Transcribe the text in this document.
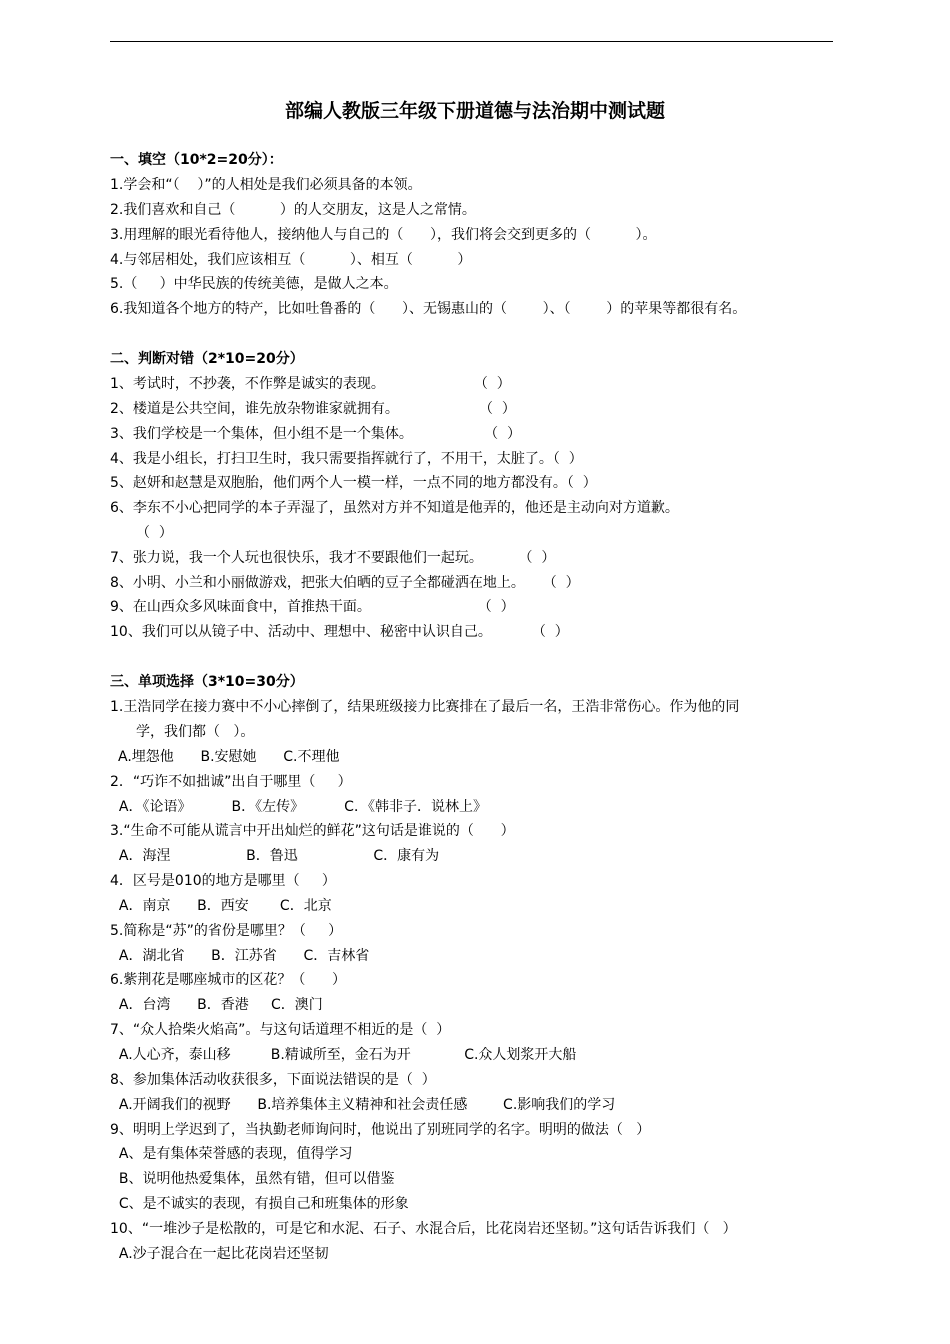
部编人教版三年级下册道德与法治期中测试题
一、填空（10*2=20分）：
1.学会和“（    ）”的人相处是我们必须具备的本领。
2.我们喜欢和自己（          ）的人交朋友，这是人之常情。
3.用理解的眼光看待他人，接纳他人与自己的（      ），我们将会交到更多的（          ）。
4.与邻居相处，我们应该相互（          ）、相互（          ）
5.（     ）中华民族的传统美德，是做人之本。
6.我知道各个地方的特产，比如吐鲁番的（      ）、无锡惠山的（        ）、（        ）的苹果等都很有名。
二、判断对错（2*10=20分）
1、考试时，不抄袭，不作弊是诚实的表现。                    （  ）
2、楼道是公共空间，谁先放杂物谁家就拥有。                  （  ）
3、我们学校是一个集体，但小组不是一个集体。                （  ）
4、我是小组长，打扫卫生时，我只需要指挥就行了，不用干，太脏了。（  ）
5、赵妍和赵慧是双胞胎，他们两个人一模一样，一点不同的地方都没有。（  ）
6、李东不小心把同学的本子弄湿了，虽然对方并不知道是他弄的，他还是主动向对方道歉。
（  ）
7、张力说，我一个人玩也很快乐，我才不要跟他们一起玩。        （  ）
8、小明、小兰和小丽做游戏，把张大伯晒的豆子全都碰洒在地上。    （  ）
9、在山西众多风味面食中，首推热干面。                        （  ）
10、我们可以从镜子中、活动中、理想中、秘密中认识自己。         （  ）
三、单项选择（3*10=30分）
1.王浩同学在接力赛中不小心摔倒了，结果班级接力比赛排在了最后一名，王浩非常伤心。作为他的同
学，我们都（   ）。
A.埋怨他      B.安慰她      C.不理他
2．“巧诈不如拙诚”出自于哪里（     ）
A．《论语》         B．《左传》         C．《韩非子．说林上》
3.“生命不可能从谎言中开出灿烂的鲜花”这句话是谁说的（      ）
A．海涅                 B．鲁迅                 C．康有为
4．区号是010的地方是哪里（     ）
A．南京      B．西安       C．北京
5.简称是“苏”的省份是哪里？（     ）
A．湖北省      B．江苏省      C．吉林省
6.紫荆花是哪座城市的区花？（      ）
A．台湾      B．香港     C．澳门
7、“众人拾柴火焰高”。与这句话道理不相近的是（  ）
A.人心齐，泰山移         B.精诚所至，金石为开            C.众人划浆开大船
8、参加集体活动收获很多，下面说法错误的是（  ）
A.开阔我们的视野      B.培养集体主义精神和社会责任感        C.影响我们的学习
9、明明上学迟到了，当执勤老师询问时，他说出了别班同学的名字。明明的做法（   ）
A、是有集体荣誉感的表现，值得学习
B、说明他热爱集体，虽然有错，但可以借鉴
C、是不诚实的表现，有损自己和班集体的形象
10、“一堆沙子是松散的，可是它和水泥、石子、水混合后，比花岗岩还坚韧。”这句话告诉我们（   ）
A.沙子混合在一起比花岗岩还坚韧
